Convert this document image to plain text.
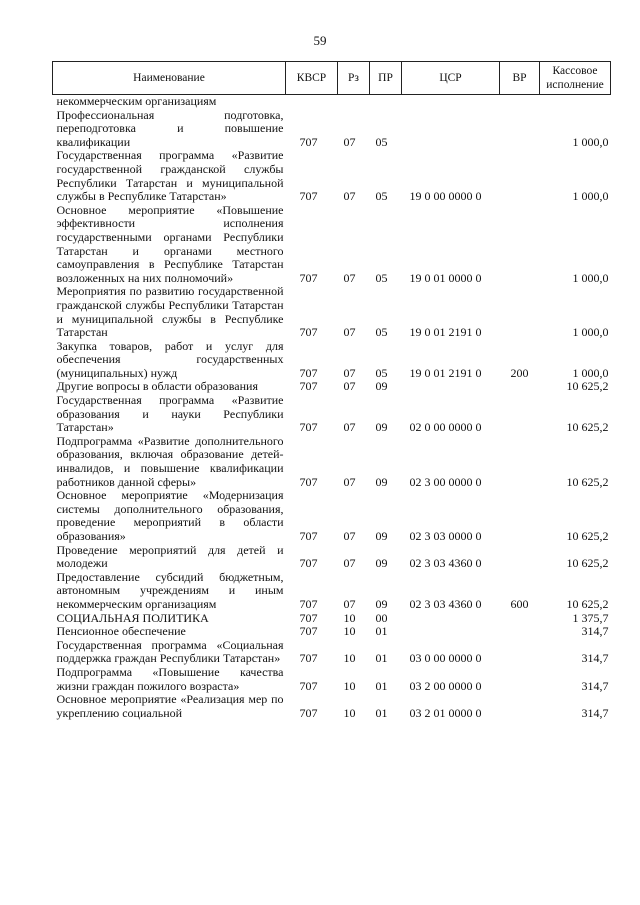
59
Наименование	КВСР	Рз	ПР	ЦСР	ВР	Кассовое исполнение
некоммерческим организациям						
Профессиональная подготовка, переподготовка и повышение квалификации	707	07	05			1 000,0
Государственная программа «Развитие государственной гражданской службы Республики Татарстан и муниципальной службы в Республике Татарстан»	707	07	05	19 0 00 0000 0		1 000,0
Основное мероприятие «Повышение эффективности исполнения государственными органами Республики Татарстан и органами местного самоуправления в Республике Татарстан возложенных на них полномочий»	707	07	05	19 0 01 0000 0		1 000,0
Мероприятия по развитию государственной гражданской службы Республики Татарстан и муниципальной службы в Республике Татарстан	707	07	05	19 0 01 2191 0		1 000,0
Закупка товаров, работ и услуг для обеспечения государственных (муниципальных) нужд	707	07	05	19 0 01 2191 0	200	1 000,0
Другие вопросы в области образования	707	07	09			10 625,2
Государственная программа «Развитие образования и науки Республики Татарстан»	707	07	09	02 0 00 0000 0		10 625,2
Подпрограмма «Развитие дополнительного образования, включая образование детей-инвалидов, и повышение квалификации работников данной сферы»	707	07	09	02 3 00 0000 0		10 625,2
Основное мероприятие «Модернизация системы дополнительного образования, проведение мероприятий в области образования»	707	07	09	02 3 03 0000 0		10 625,2
Проведение мероприятий для детей и молодежи	707	07	09	02 3 03 4360 0		10 625,2
Предоставление субсидий бюджетным, автономным учреждениям и иным некоммерческим организациям	707	07	09	02 3 03 4360 0	600	10 625,2
СОЦИАЛЬНАЯ ПОЛИТИКА	707	10	00			1 375,7
Пенсионное обеспечение	707	10	01			314,7
Государственная программа «Социальная поддержка граждан Республики Татарстан»	707	10	01	03 0 00 0000 0		314,7
Подпрограмма «Повышение качества жизни граждан пожилого возраста»	707	10	01	03 2 00 0000 0		314,7
Основное мероприятие «Реализация мер по укреплению социальной	707	10	01	03 2 01 0000 0		314,7
